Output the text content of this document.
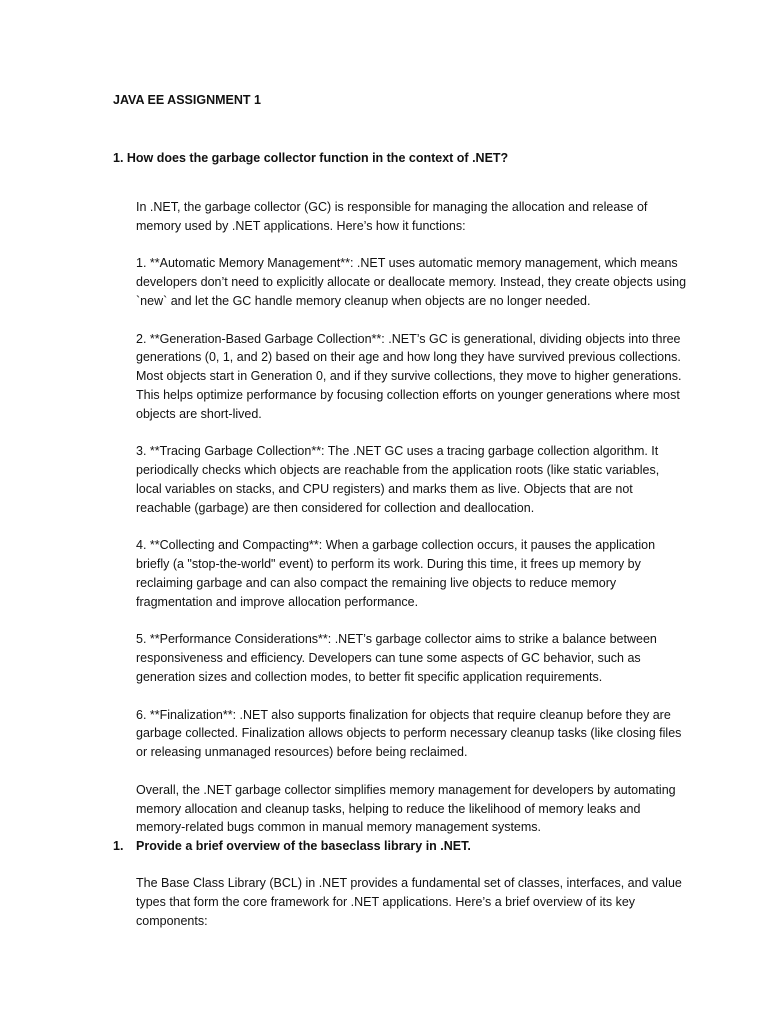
JAVA EE ASSIGNMENT 1
1. How does the garbage collector function in the context of .NET?

In .NET, the garbage collector (GC) is responsible for managing the allocation and release of memory used by .NET applications. Here’s how it functions:

1. **Automatic Memory Management**: .NET uses automatic memory management, which means developers don’t need to explicitly allocate or deallocate memory. Instead, they create objects using `new` and let the GC handle memory cleanup when objects are no longer needed.

2. **Generation-Based Garbage Collection**: .NET’s GC is generational, dividing objects into three generations (0, 1, and 2) based on their age and how long they have survived previous collections. Most objects start in Generation 0, and if they survive collections, they move to higher generations. This helps optimize performance by focusing collection efforts on younger generations where most objects are short-lived.

3. **Tracing Garbage Collection**: The .NET GC uses a tracing garbage collection algorithm. It periodically checks which objects are reachable from the application roots (like static variables, local variables on stacks, and CPU registers) and marks them as live. Objects that are not reachable (garbage) are then considered for collection and deallocation.

4. **Collecting and Compacting**: When a garbage collection occurs, it pauses the application briefly (a "stop-the-world" event) to perform its work. During this time, it frees up memory by reclaiming garbage and can also compact the remaining live objects to reduce memory fragmentation and improve allocation performance.

5. **Performance Considerations**: .NET’s garbage collector aims to strike a balance between responsiveness and efficiency. Developers can tune some aspects of GC behavior, such as generation sizes and collection modes, to better fit specific application requirements.

6. **Finalization**: .NET also supports finalization for objects that require cleanup before they are garbage collected. Finalization allows objects to perform necessary cleanup tasks (like closing files or releasing unmanaged resources) before being reclaimed.

Overall, the .NET garbage collector simplifies memory management for developers by automating memory allocation and cleanup tasks, helping to reduce the likelihood of memory leaks and memory-related bugs common in manual memory management systems.

1. Provide a brief overview of the baseclass library in .NET.

The Base Class Library (BCL) in .NET provides a fundamental set of classes, interfaces, and value types that form the core framework for .NET applications. Here’s a brief overview of its key components:
